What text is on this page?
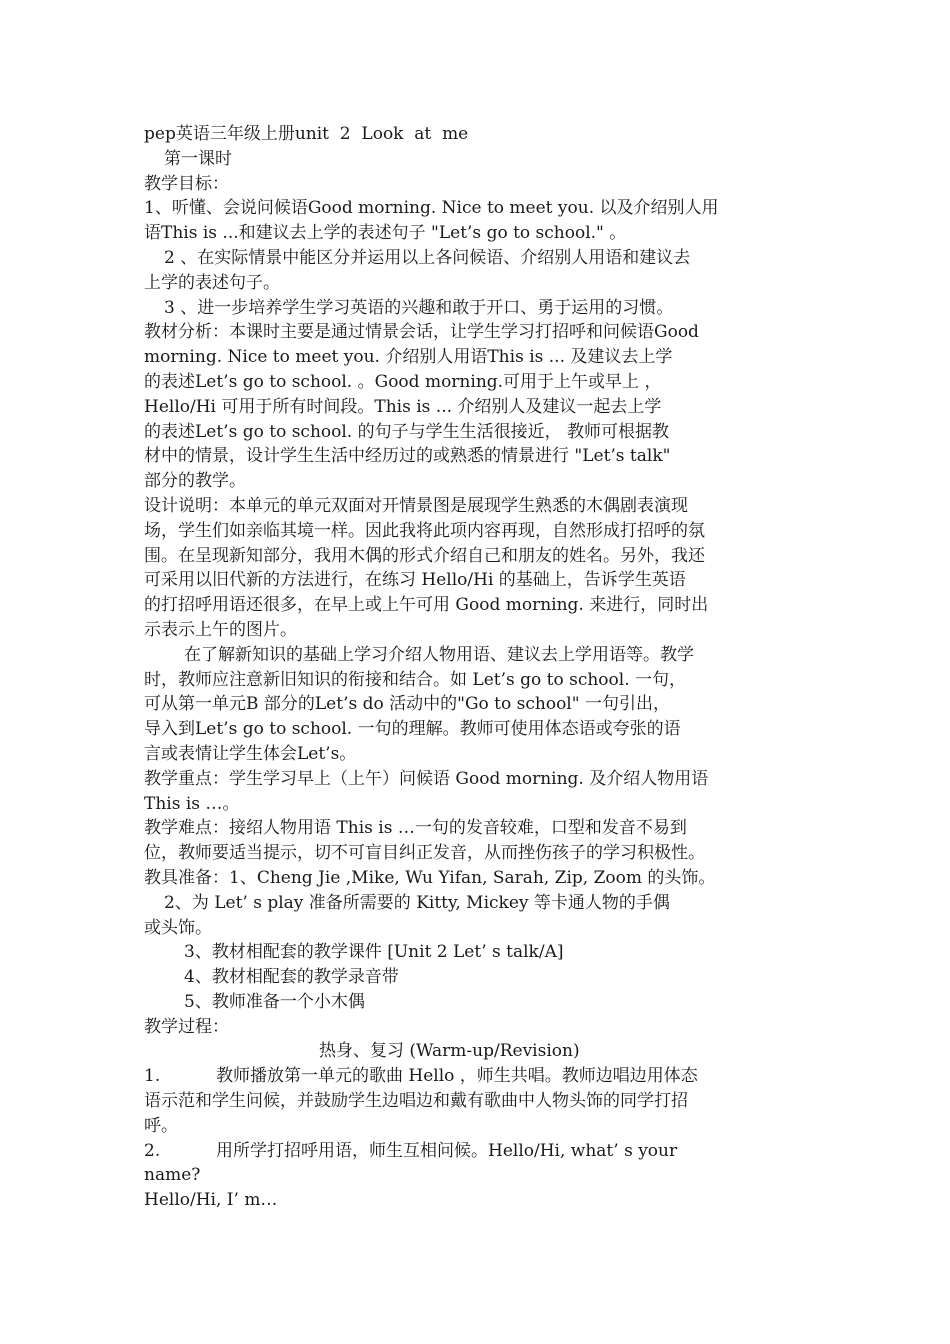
pep英语三年级上册unit  2  Look  at  me
第一课时
教学目标：
1、听懂、会说问候语Good morning. Nice to meet you. 以及介绍别人用
语This is ...和建议去上学的表述句子 "Let’s go to school." 。
2 、在实际情景中能区分并运用以上各问候语、介绍别人用语和建议去
上学的表述句子。
3 、进一步培养学生学习英语的兴趣和敢于开口、勇于运用的习惯。
教材分析：本课时主要是通过情景会话，让学生学习打招呼和问候语Good
morning. Nice to meet you. 介绍别人用语This is ... 及建议去上学
的表述Let’s go to school. 。Good morning.可用于上午或早上 ，
Hello/Hi 可用于所有时间段。This is ... 介绍别人及建议一起去上学
的表述Let’s go to school. 的句子与学生生活很接近， 教师可根据教
材中的情景，设计学生生活中经历过的或熟悉的情景进行 "Let’s talk"
部分的教学。
设计说明：本单元的单元双面对开情景图是展现学生熟悉的木偶剧表演现
场，学生们如亲临其境一样。因此我将此项内容再现，自然形成打招呼的氛
围。在呈现新知部分，我用木偶的形式介绍自己和朋友的姓名。另外，我还
可采用以旧代新的方法进行，在练习 Hello/Hi 的基础上，告诉学生英语
的打招呼用语还很多，在早上或上午可用 Good morning. 来进行，同时出
示表示上午的图片。
在了解新知识的基础上学习介绍人物用语、建议去上学用语等。教学
时，教师应注意新旧知识的衔接和结合。如 Let’s go to school. 一句，
可从第一单元B 部分的Let’s do 活动中的"Go to school" 一句引出，
导入到Let’s go to school. 一句的理解。教师可使用体态语或夸张的语
言或表情让学生体会Let’s。
教学重点：学生学习早上（上午）问候语 Good morning. 及介绍人物用语
This is …。
教学难点：接绍人物用语 This is …一句的发音较难，口型和发音不易到
位，教师要适当提示，切不可盲目纠正发音，从而挫伤孩子的学习积极性。
教具准备：1、Cheng Jie ,Mike, Wu Yifan, Sarah, Zip, Zoom 的头饰。
2、为 Let’ s play 准备所需要的 Kitty, Mickey 等卡通人物的手偶
或头饰。
3、教材相配套的教学课件 [Unit 2 Let’ s talk/A]
4、教材相配套的教学录音带
5、教师准备一个小木偶
教学过程：
热身、复习 (Warm-up/Revision)
1.	教师播放第一单元的歌曲 Hello ，师生共唱。教师边唱边用体态
语示范和学生问候，并鼓励学生边唱边和戴有歌曲中人物头饰的同学打招
呼。
2.	用所学打招呼用语，师生互相问候。Hello/Hi, what’ s your
name?
Hello/Hi, I’ m…
